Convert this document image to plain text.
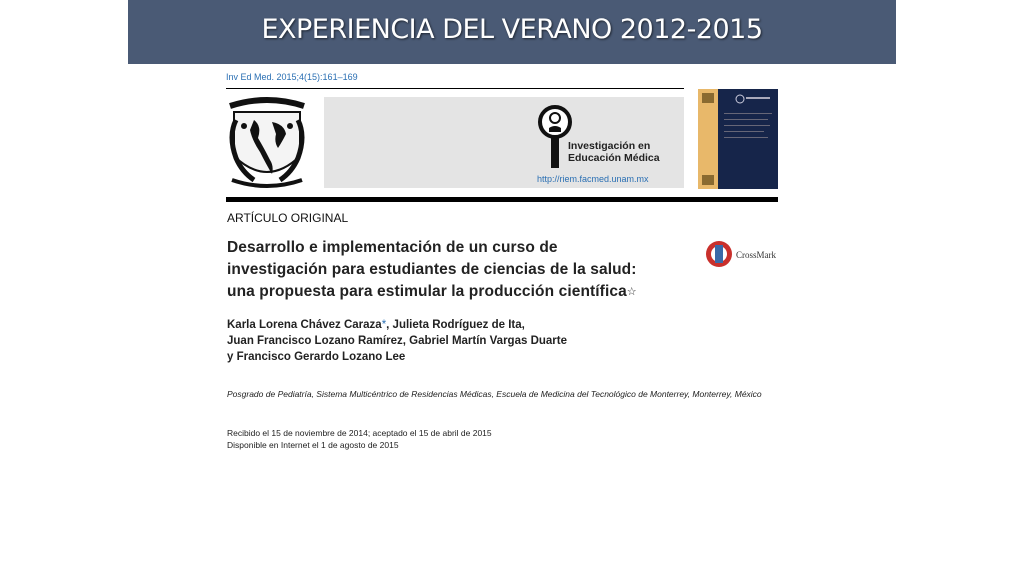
EXPERIENCIA DEL VERANO 2012-2015
Inv Ed Med. 2015;4(15):161–169
Investigación en
Educación Médica
http://riem.facmed.unam.mx
ARTÍCULO ORIGINAL
Desarrollo e implementación de un curso de
investigación para estudiantes de ciencias de la salud:
una propuesta para estimular la producción científica☆
CrossMark
Karla Lorena Chávez Caraza*, Julieta Rodríguez de Ita,
Juan Francisco Lozano Ramírez, Gabriel Martín Vargas Duarte
y Francisco Gerardo Lozano Lee
Posgrado de Pediatría, Sistema Multicéntrico de Residencias Médicas, Escuela de Medicina del Tecnológico de Monterrey, Monterrey, México
Recibido el 15 de noviembre de 2014; aceptado el 15 de abril de 2015
Disponible en Internet el 1 de agosto de 2015
